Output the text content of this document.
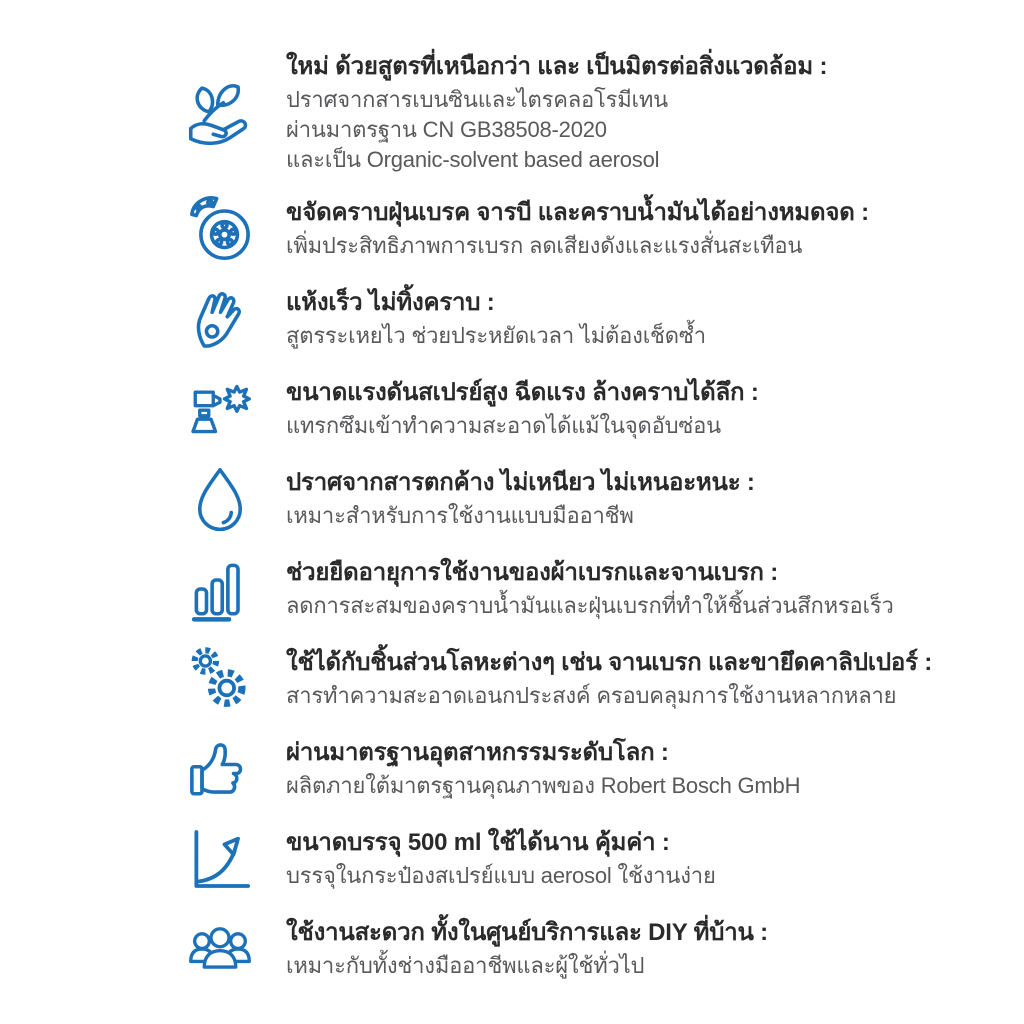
ใหม่ ด้วยสูตรที่เหนือกว่า และ เป็นมิตรต่อสิ่งแวดล้อม :
ปราศจากสารเบนซินและไตรคลอโรมีเทน
ผ่านมาตรฐาน CN GB38508-2020
และเป็น Organic-solvent based aerosol
ขจัดคราบฝุ่นเบรค จารบี และคราบน้ำมันได้อย่างหมดจด :
เพิ่มประสิทธิภาพการเบรก ลดเสียงดังและแรงสั่นสะเทือน
แห้งเร็ว ไม่ทิ้งคราบ :
สูตรระเหยไว ช่วยประหยัดเวลา ไม่ต้องเช็ดซ้ำ
ขนาดแรงดันสเปรย์สูง ฉีดแรง ล้างคราบได้ลึก :
แทรกซึมเข้าทำความสะอาดได้แม้ในจุดอับซ่อน
ปราศจากสารตกค้าง ไม่เหนียว ไม่เหนอะหนะ :
เหมาะสำหรับการใช้งานแบบมืออาชีพ
ช่วยยืดอายุการใช้งานของผ้าเบรกและจานเบรก :
ลดการสะสมของคราบน้ำมันและฝุ่นเบรกที่ทำให้ชิ้นส่วนสึกหรอเร็ว
ใช้ได้กับชิ้นส่วนโลหะต่างๆ เช่น จานเบรก และขายึดคาลิปเปอร์ :
สารทำความสะอาดเอนกประสงค์ ครอบคลุมการใช้งานหลากหลาย
ผ่านมาตรฐานอุตสาหกรรมระดับโลก :
ผลิตภายใต้มาตรฐานคุณภาพของ Robert Bosch GmbH
ขนาดบรรจุ 500 ml ใช้ได้นาน คุ้มค่า :
บรรจุในกระป๋องสเปรย์แบบ aerosol ใช้งานง่าย
ใช้งานสะดวก ทั้งในศูนย์บริการและ DIY ที่บ้าน :
เหมาะกับทั้งช่างมืออาชีพและผู้ใช้ทั่วไป
